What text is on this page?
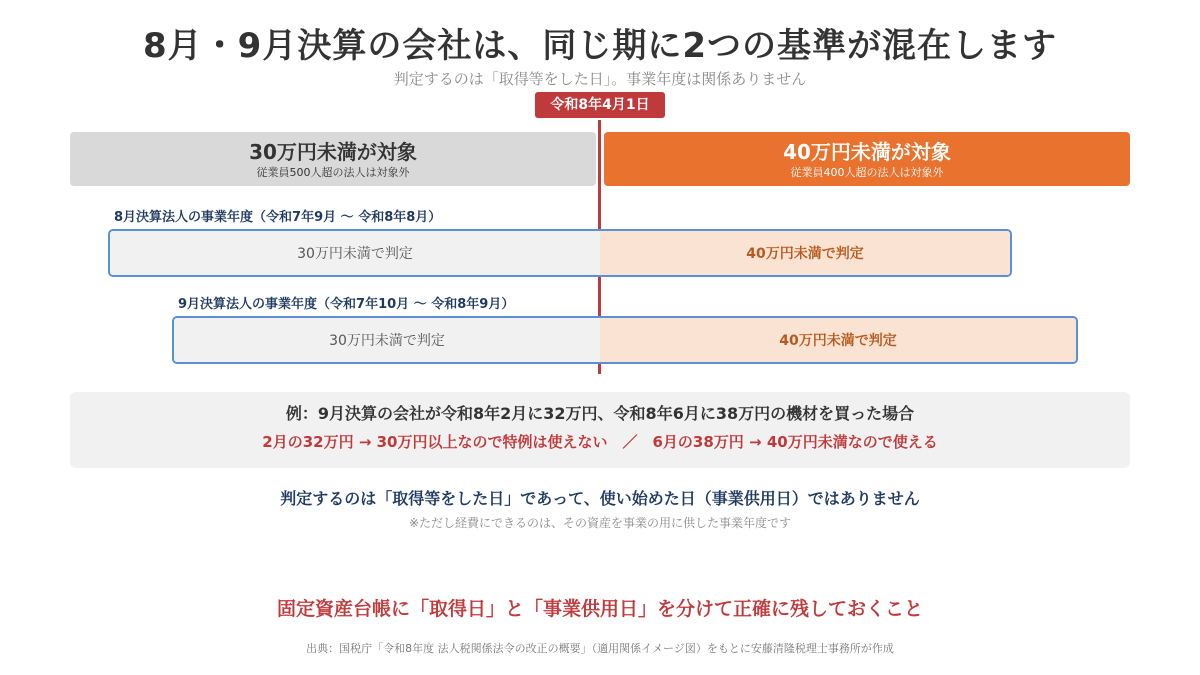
8月・9月決算の会社は、同じ期に2つの基準が混在します
判定するのは「取得等をした日」。事業年度は関係ありません
令和8年4月1日
30万円未満が対象
従業員500人超の法人は対象外
40万円未満が対象
従業員400人超の法人は対象外
8月決算法人の事業年度（令和7年9月 〜 令和8年8月）
30万円未満で判定	40万円未満で判定
9月決算法人の事業年度（令和7年10月 〜 令和8年9月）
30万円未満で判定	40万円未満で判定
例：9月決算の会社が令和8年2月に32万円、令和8年6月に38万円の機材を買った場合
2月の32万円 → 30万円以上なので特例は使えない　／　6月の38万円 → 40万円未満なので使える
判定するのは「取得等をした日」であって、使い始めた日（事業供用日）ではありません
※ただし経費にできるのは、その資産を事業の用に供した事業年度です
固定資産台帳に「取得日」と「事業供用日」を分けて正確に残しておくこと
出典：国税庁「令和8年度 法人税関係法令の改正の概要」（適用関係イメージ図）をもとに安藤清隆税理士事務所が作成
